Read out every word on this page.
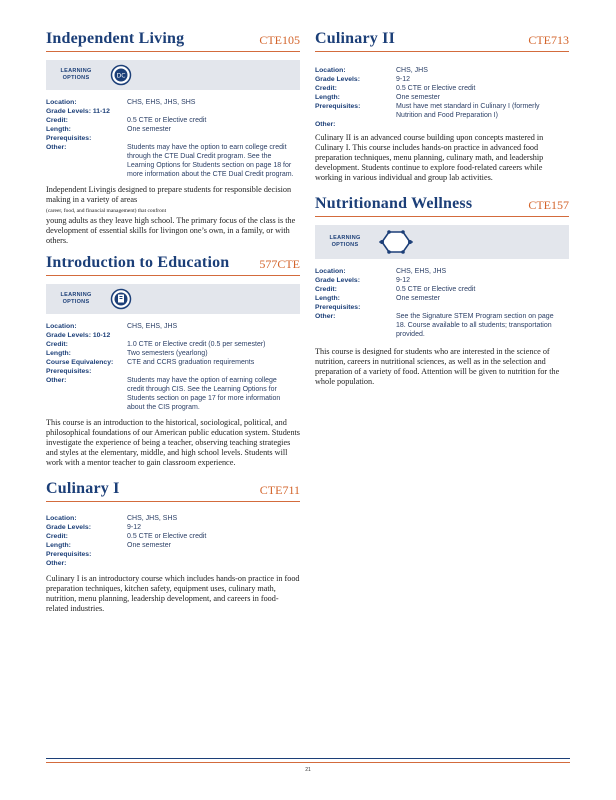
Independent Living	CTE105
LEARNING
OPTIONS	DC
Location:	CHS, EHS, JHS, SHS
Grade Levels: 11-12
Credit:	0.5 CTE or Elective credit
Length:	One semester
Prerequisites:
Other:	Students may have the option to earn college credit through the CTE Dual Credit program. See the Learning Options for Students section on page 18 for more information about the CTE Dual Credit program.

Independent Livingis designed to prepare students for responsible decision making in a variety of areas
(career, food, and financial management) that confront
young adults as they leave high school. The primary focus of the class is the development of essential skills for livingon one’s own, in a family, or with others.

Introduction to Education 577CTE
LEARNING
OPTIONS
Location:	CHS, EHS, JHS
Grade Levels: 10-12
Credit:	1.0 CTE or Elective credit (0.5 per semester)
Length:	Two semesters (yearlong)
Course Equivalency:	CTE and CCRS graduation requirements
Prerequisites:
Other:	Students may have the option of earning college credit through CIS. See the Learning Options for Students section on page 17 for more information about the CIS program.

This course is an introduction to the historical, sociological, political, and philosophical foundations of our American public education system. Students investigate the experience of being a teacher, observing teaching strategies and styles at the elementary, middle, and high school levels. Students will work with a mentor teacher to gain classroom experience.

Culinary I	CTE711
Location:	CHS, JHS, SHS
Grade Levels:	9-12
Credit:	0.5 CTE or Elective credit
Length:	One semester
Prerequisites:
Other:

Culinary I is an introductory course which includes hands-on practice in food preparation techniques, kitchen safety, equipment uses, culinary math, nutrition, menu planning, leadership development, and careers in food-related industries.

Culinary II	CTE713
Location:	CHS, JHS
Grade Levels:	9-12
Credit:	0.5 CTE or Elective credit
Length:	One semester
Prerequisites:	Must have met standard in Culinary I (formerly Nutrition and Food Preparation I)
Other:

Culinary II is an advanced course building upon concepts mastered in Culinary I. This course includes hands-on practice in advanced food preparation techniques, menu planning, culinary math, and leadership development. Students continue to explore food-related careers while working in various individual and group lab activities.

Nutritionand Wellness	CTE157
LEARNING
OPTIONS
Location:	CHS, EHS, JHS
Grade Levels:	9-12
Credit:	0.5 CTE or Elective credit
Length:	One semester
Prerequisites:
Other:	See the Signature STEM Program section on page 18. Course available to all students; transportation provided.

This course is designed for students who are interested in the science of nutrition, careers in nutritional sciences, as well as in the selection and preparation of a variety of food. Attention will be given to nutrition for the whole population.

21
